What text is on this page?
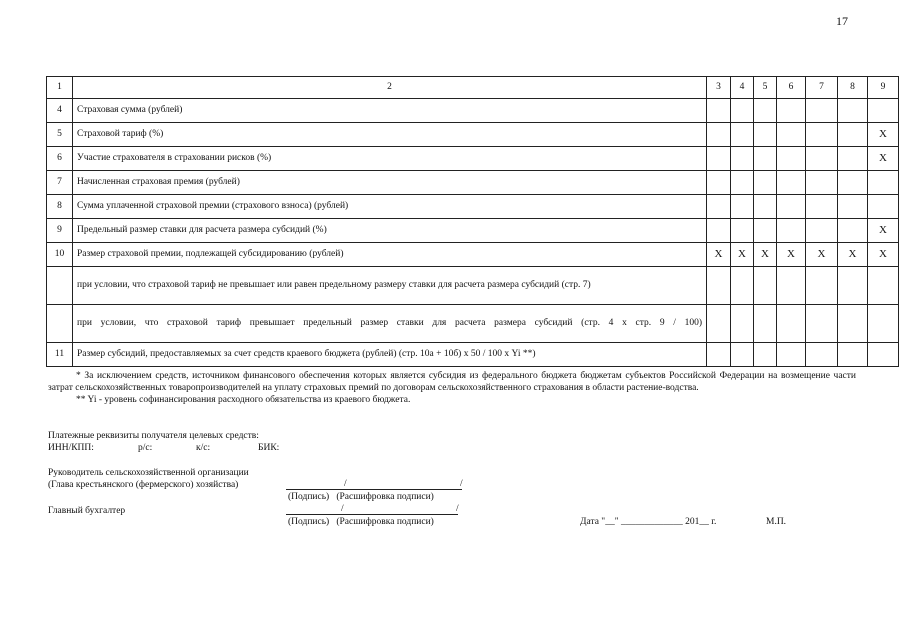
17
1	2	3	4	5	6	7	8	9
4	Страховая сумма (рублей)							
5	Страховой тариф (%)							Х
6	Участие страхователя в страховании рисков (%)							Х
7	Начисленная страховая премия (рублей)							
8	Сумма уплаченной страховой премии (страхового взноса) (рублей)							
9	Предельный размер ставки для расчета размера субсидий (%)							Х
10	Размер страховой премии, подлежащей субсидированию (рублей)	Х	Х	Х	Х	Х	Х	Х
	при условии, что страховой тариф не превышает или равен предельному размеру ставки для расчета размера субсидий (стр. 7)							
	при условии, что страховой тариф превышает предельный размер ставки для расчета размера субсидий (стр. 4 х стр. 9 / 100)							
11	Размер субсидий, предоставляемых за счет средств краевого бюджета (рублей) (стр. 10а + 10б) х 50 / 100 х Yi **)							

* За исключением средств, источником финансового обеспечения которых является субсидия из федерального бюджета бюджетам субъектов Российской Федерации на возмещение части затрат сельскохозяйственных товаропроизводителей на уплату страховых премий по договорам сельскохозяйственного страхования в области растение-водства.

** Yi - уровень софинансирования расходного обязательства из краевого бюджета.

Платежные реквизиты получателя целевых средств:
ИНН/КПП:	р/с:	к/с:	БИК:
Руководитель сельскохозяйственной организации
(Глава крестьянского (фермерского) хозяйства)	/	/
(Подпись)   (Расшифровка подписи)
Главный бухгалтер	/	/
(Подпись)   (Расшифровка подписи)	Дата "__" _____________ 201__ г.	М.П.
